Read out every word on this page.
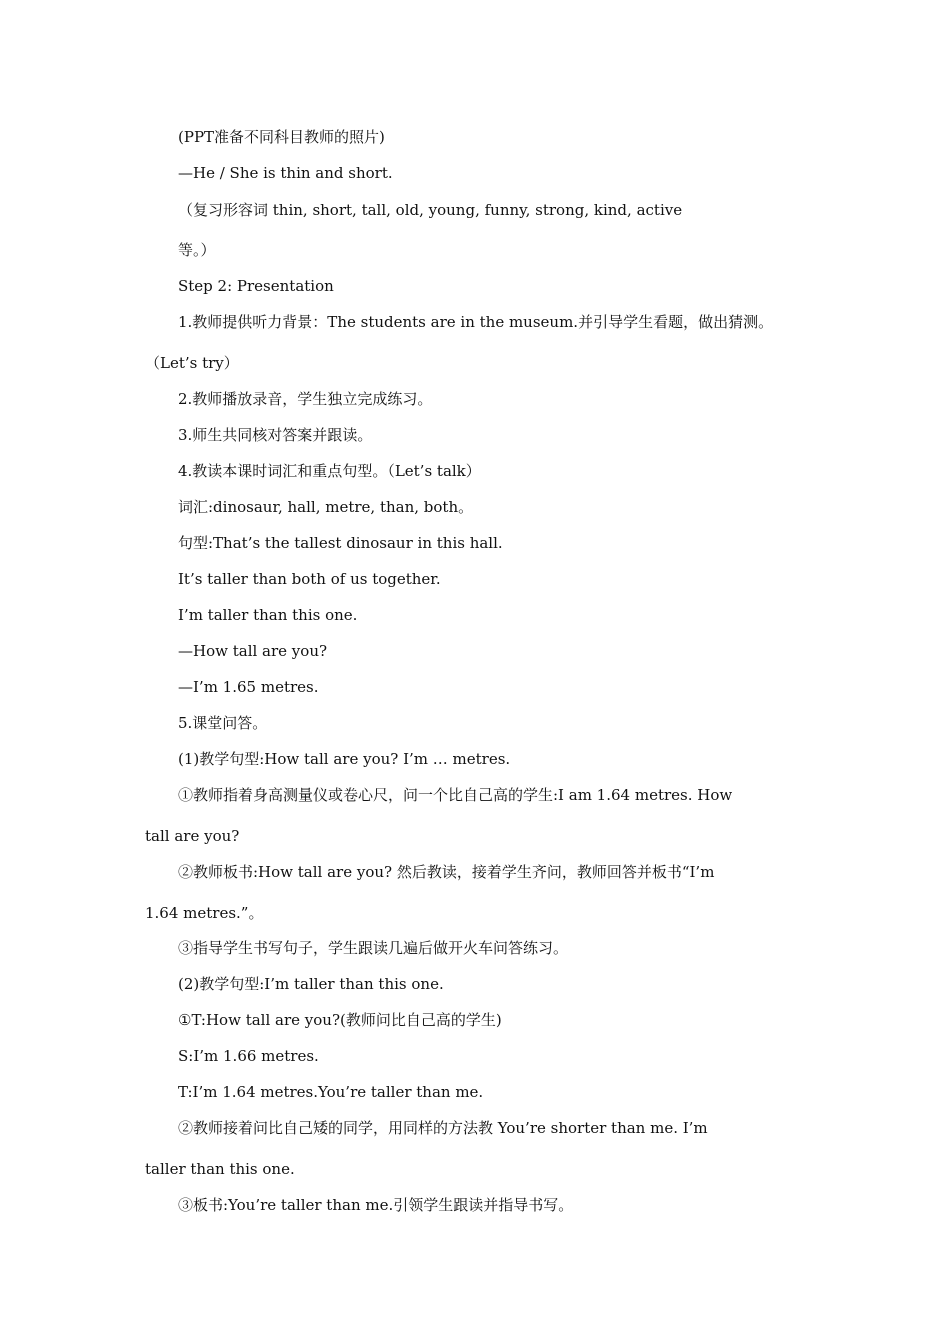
(PPT准备不同科目教师的照片)
—He / She is thin and short.
（复习形容词 thin, short, tall, old, young, funny, strong, kind, active
等。）
Step 2: Presentation
1.教师提供听力背景：The students are in the museum.并引导学生看题，做出猜测。
（Let’s try）
2.教师播放录音，学生独立完成练习。
3.师生共同核对答案并跟读。
4.教读本课时词汇和重点句型。（Let’s talk）
词汇:dinosaur, hall, metre, than, both。
句型:That’s the tallest dinosaur in this hall.
It’s taller than both of us together.
I’m taller than this one.
—How tall are you?
—I’m 1.65 metres.
5.课堂问答。
(1)教学句型:How tall are you? I’m … metres.
①教师指着身高测量仪或卷心尺，问一个比自己高的学生:I am 1.64 metres. How
tall are you?
②教师板书:How tall are you? 然后教读，接着学生齐问，教师回答并板书“I’m
1.64 metres.”。
③指导学生书写句子，学生跟读几遍后做开火车问答练习。
(2)教学句型:I’m taller than this one.
①T:How tall are you?(教师问比自己高的学生)
S:I’m 1.66 metres.
T:I’m 1.64 metres.You’re taller than me.
②教师接着问比自己矮的同学，用同样的方法教 You’re shorter than me. I’m
taller than this one.
③板书:You’re taller than me.引领学生跟读并指导书写。
